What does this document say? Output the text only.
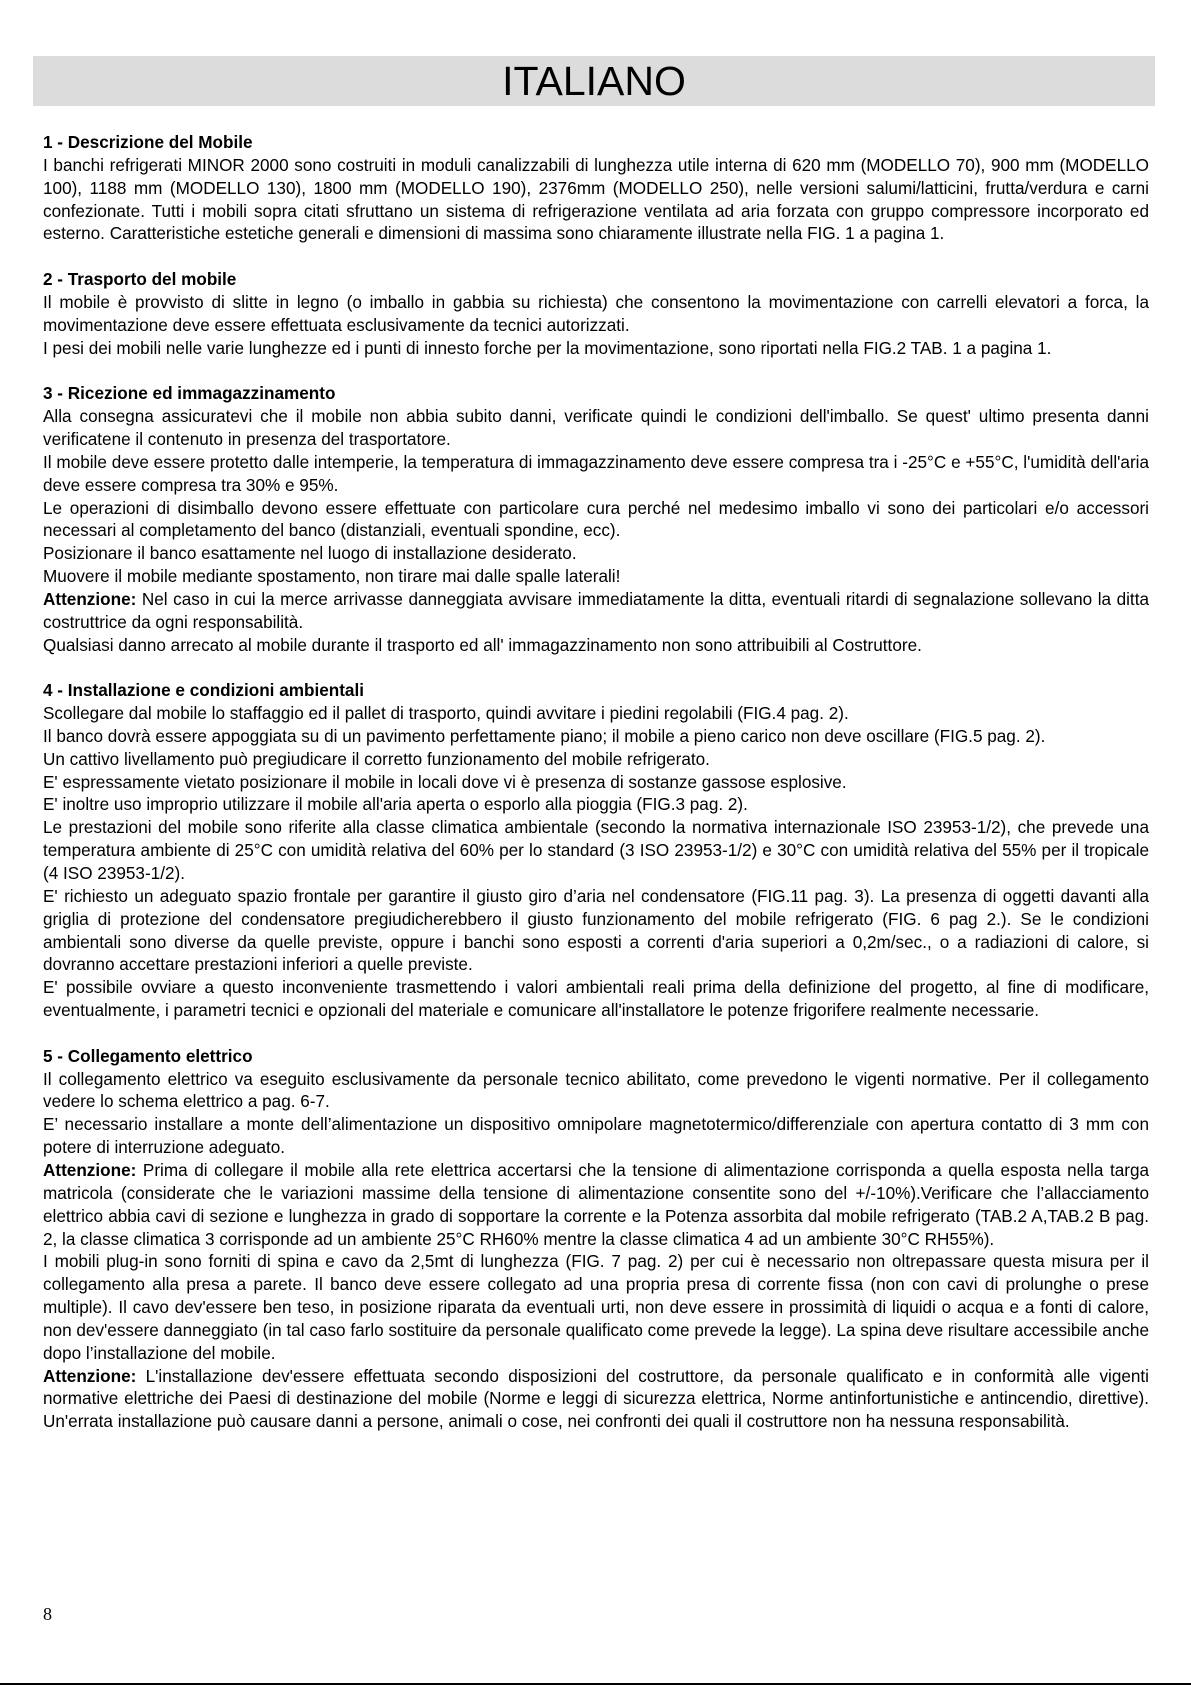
ITALIANO
1 - Descrizione del Mobile
I banchi refrigerati MINOR 2000 sono costruiti in moduli canalizzabili di lunghezza utile interna di 620 mm (MODELLO 70), 900 mm (MODELLO 100), 1188 mm (MODELLO 130), 1800 mm (MODELLO 190), 2376mm (MODELLO 250), nelle versioni salumi/latticini, frutta/verdura e carni confezionate. Tutti i mobili sopra citati sfruttano un sistema di refrigerazione ventilata ad aria forzata con gruppo compressore incorporato ed esterno. Caratteristiche estetiche generali e dimensioni di massima sono chiaramente illustrate nella FIG. 1 a pagina 1.
2 - Trasporto del mobile
Il mobile è provvisto di slitte in legno (o imballo in gabbia su richiesta) che consentono la movimentazione con carrelli elevatori a forca, la movimentazione deve essere effettuata esclusivamente da tecnici autorizzati.
I pesi dei mobili nelle varie lunghezze ed i punti di innesto forche per la movimentazione, sono riportati nella FIG.2 TAB. 1 a pagina 1.
3 - Ricezione ed immagazzinamento
Alla consegna assicuratevi che il mobile non abbia subito danni, verificate quindi le condizioni dell'imballo. Se quest' ultimo presenta danni verificatene il contenuto in presenza del trasportatore.
Il mobile deve essere protetto dalle intemperie, la temperatura di immagazzinamento deve essere compresa tra i -25°C e +55°C, l'umidità dell'aria deve essere compresa tra 30% e 95%.
Le operazioni di disimballo devono essere effettuate con particolare cura perché nel medesimo imballo vi sono dei particolari e/o accessori necessari al completamento del banco (distanziali, eventuali spondine, ecc).
Posizionare il banco esattamente nel luogo di installazione desiderato.
Muovere il mobile mediante spostamento, non tirare mai dalle spalle laterali!
Attenzione: Nel caso in cui la merce arrivasse danneggiata avvisare immediatamente la ditta, eventuali ritardi di segnalazione sollevano la ditta costruttrice da ogni responsabilità.
Qualsiasi danno arrecato al mobile durante il trasporto ed all' immagazzinamento non sono attribuibili al Costruttore.
4 - Installazione e condizioni ambientali
Scollegare dal mobile lo staffaggio ed il pallet di trasporto, quindi avvitare i piedini regolabili (FIG.4 pag. 2).
Il banco dovrà essere appoggiata su di un pavimento perfettamente piano; il mobile a pieno carico non deve oscillare (FIG.5 pag. 2).
Un cattivo livellamento può pregiudicare il corretto funzionamento del mobile refrigerato.
E' espressamente vietato posizionare il mobile in locali dove vi è presenza di sostanze gassose esplosive.
E' inoltre uso improprio utilizzare il mobile all'aria aperta o esporlo alla pioggia (FIG.3 pag. 2).
Le prestazioni del mobile sono riferite alla classe climatica ambientale (secondo la normativa internazionale ISO 23953-1/2), che prevede una temperatura ambiente di 25°C con umidità relativa del 60% per lo standard (3 ISO 23953-1/2) e 30°C con umidità relativa del 55% per il tropicale (4 ISO 23953-1/2).
E' richiesto un adeguato spazio frontale per garantire il giusto giro d’aria nel condensatore (FIG.11 pag. 3). La presenza di oggetti davanti alla griglia di protezione del condensatore pregiudicherebbero il giusto funzionamento del mobile refrigerato (FIG. 6 pag 2.). Se le condizioni ambientali sono diverse da quelle previste, oppure i banchi sono esposti a correnti d'aria superiori a 0,2m/sec., o a radiazioni di calore, si dovranno accettare prestazioni inferiori a quelle previste.
E' possibile ovviare a questo inconveniente trasmettendo i valori ambientali reali prima della definizione del progetto, al fine di modificare, eventualmente, i parametri tecnici e opzionali del materiale e comunicare all'installatore le potenze frigorifere realmente necessarie.
5 - Collegamento elettrico
Il collegamento elettrico va eseguito esclusivamente da personale tecnico abilitato, come prevedono le vigenti normative. Per il collegamento vedere lo schema elettrico a pag. 6-7.
E’ necessario installare a monte dell’alimentazione un dispositivo omnipolare magnetotermico/differenziale con apertura contatto di 3 mm con potere di interruzione adeguato.
Attenzione: Prima di collegare il mobile alla rete elettrica accertarsi che la tensione di alimentazione corrisponda a quella esposta nella targa matricola (considerate che le variazioni massime della tensione di alimentazione consentite sono del +/-10%).Verificare che l’allacciamento elettrico abbia cavi di sezione e lunghezza in grado di sopportare la corrente e la Potenza assorbita dal mobile refrigerato (TAB.2 A,TAB.2 B pag. 2, la classe climatica 3 corrisponde ad un ambiente 25°C RH60% mentre la classe climatica 4 ad un ambiente 30°C RH55%).
I mobili plug-in sono forniti di spina e cavo da 2,5mt di lunghezza (FIG. 7 pag. 2) per cui è necessario non oltrepassare questa misura per il collegamento alla presa a parete. Il banco deve essere collegato ad una propria presa di corrente fissa (non con cavi di prolunghe o prese multiple). Il cavo dev'essere ben teso, in posizione riparata da eventuali urti, non deve essere in prossimità di liquidi o acqua e a fonti di calore, non dev'essere danneggiato (in tal caso farlo sostituire da personale qualificato come prevede la legge). La spina deve risultare accessibile anche dopo l’installazione del mobile.
Attenzione: L'installazione dev'essere effettuata secondo disposizioni del costruttore, da personale qualificato e in conformità alle vigenti normative elettriche dei Paesi di destinazione del mobile (Norme e leggi di sicurezza elettrica, Norme antinfortunistiche e antincendio, direttive). Un'errata installazione può causare danni a persone, animali o cose, nei confronti dei quali il costruttore non ha nessuna responsabilità.
8
